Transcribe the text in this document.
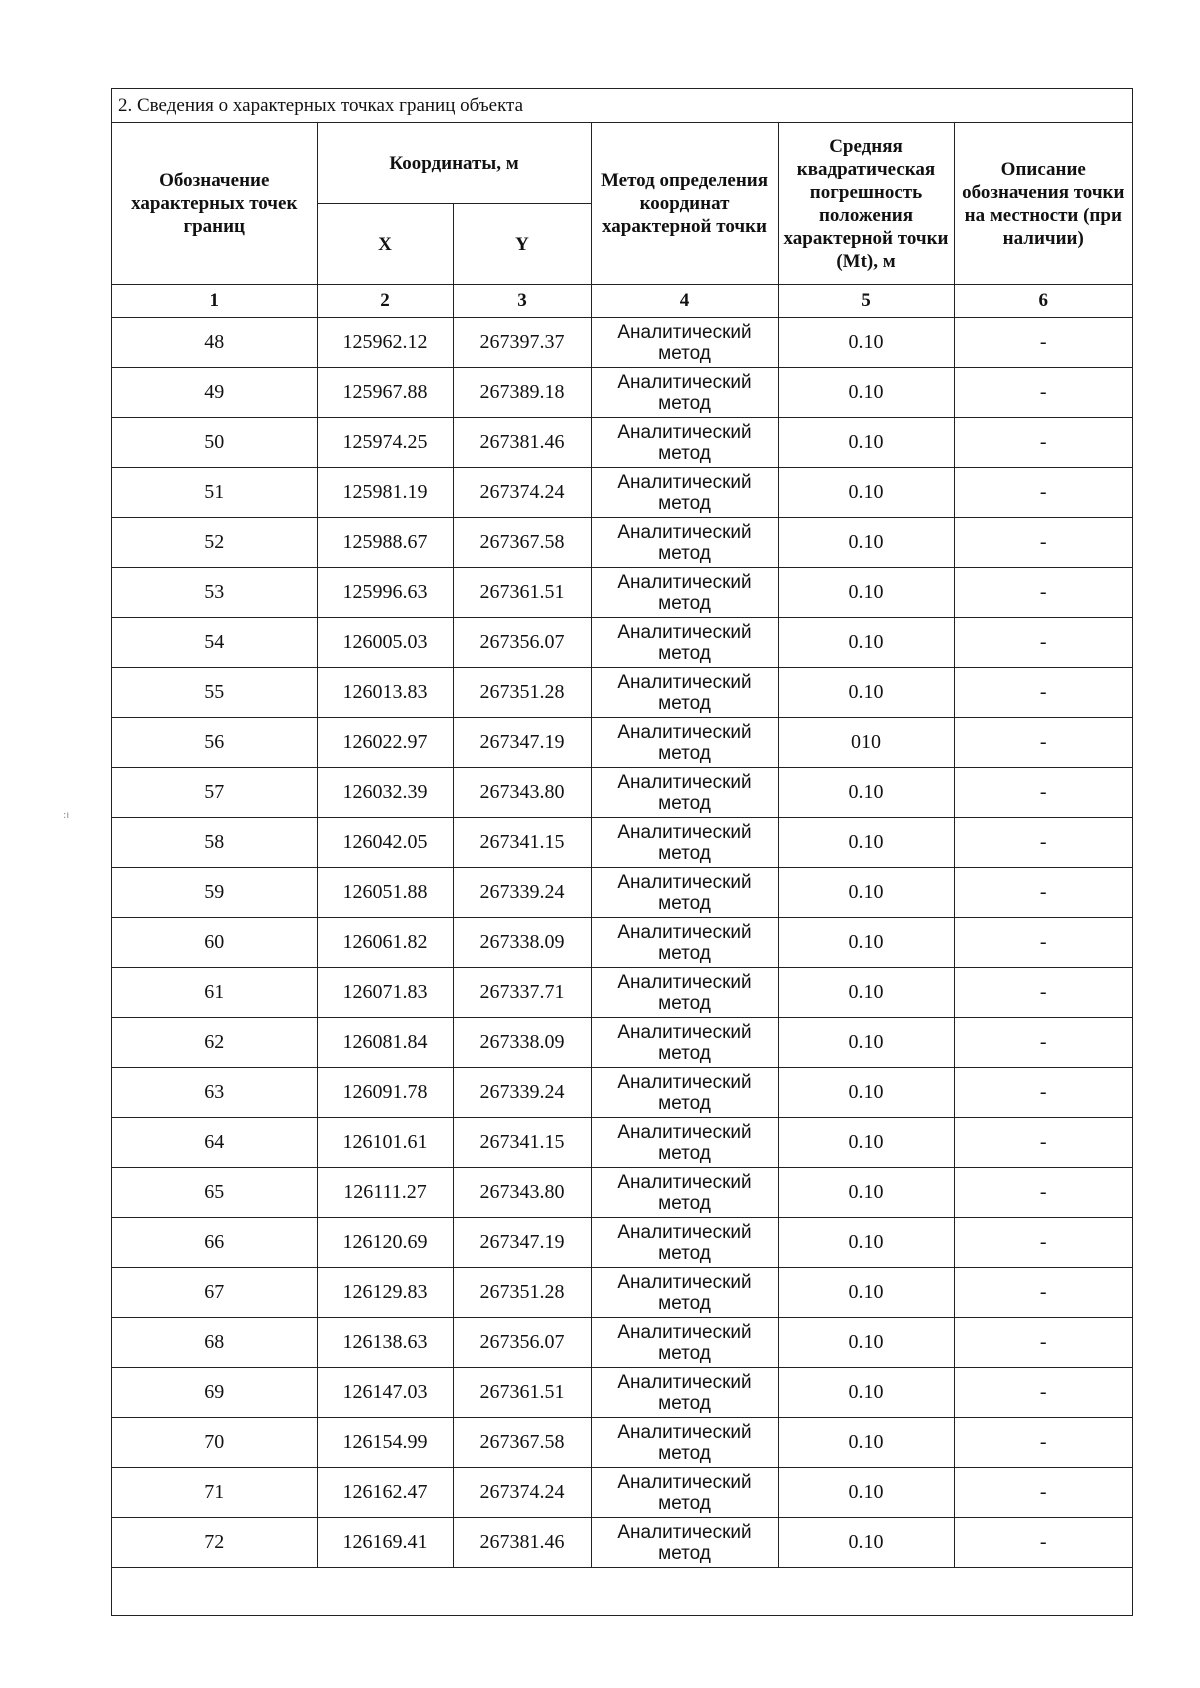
2. Сведения о характерных точках границ объекта					
Обозначение характерных точек границ	Координаты, м		Метод определения координат характерной точки	Средняя квадратическая погрешность положения характерной точки (Mt), м	Описание обозначения точки на местности (при наличии)
	X	Y			
1	2	3	4	5	6
48	125962.12	267397.37	Аналитический метод	0.10	-
49	125967.88	267389.18	Аналитический метод	0.10	-
50	125974.25	267381.46	Аналитический метод	0.10	-
51	125981.19	267374.24	Аналитический метод	0.10	-
52	125988.67	267367.58	Аналитический метод	0.10	-
53	125996.63	267361.51	Аналитический метод	0.10	-
54	126005.03	267356.07	Аналитический метод	0.10	-
55	126013.83	267351.28	Аналитический метод	0.10	-
56	126022.97	267347.19	Аналитический метод	010	-
57	126032.39	267343.80	Аналитический метод	0.10	-
58	126042.05	267341.15	Аналитический метод	0.10	-
59	126051.88	267339.24	Аналитический метод	0.10	-
60	126061.82	267338.09	Аналитический метод	0.10	-
61	126071.83	267337.71	Аналитический метод	0.10	-
62	126081.84	267338.09	Аналитический метод	0.10	-
63	126091.78	267339.24	Аналитический метод	0.10	-
64	126101.61	267341.15	Аналитический метод	0.10	-
65	126111.27	267343.80	Аналитический метод	0.10	-
66	126120.69	267347.19	Аналитический метод	0.10	-
67	126129.83	267351.28	Аналитический метод	0.10	-
68	126138.63	267356.07	Аналитический метод	0.10	-
69	126147.03	267361.51	Аналитический метод	0.10	-
70	126154.99	267367.58	Аналитический метод	0.10	-
71	126162.47	267374.24	Аналитический метод	0.10	-
72	126169.41	267381.46	Аналитический метод	0.10	-

:ı
